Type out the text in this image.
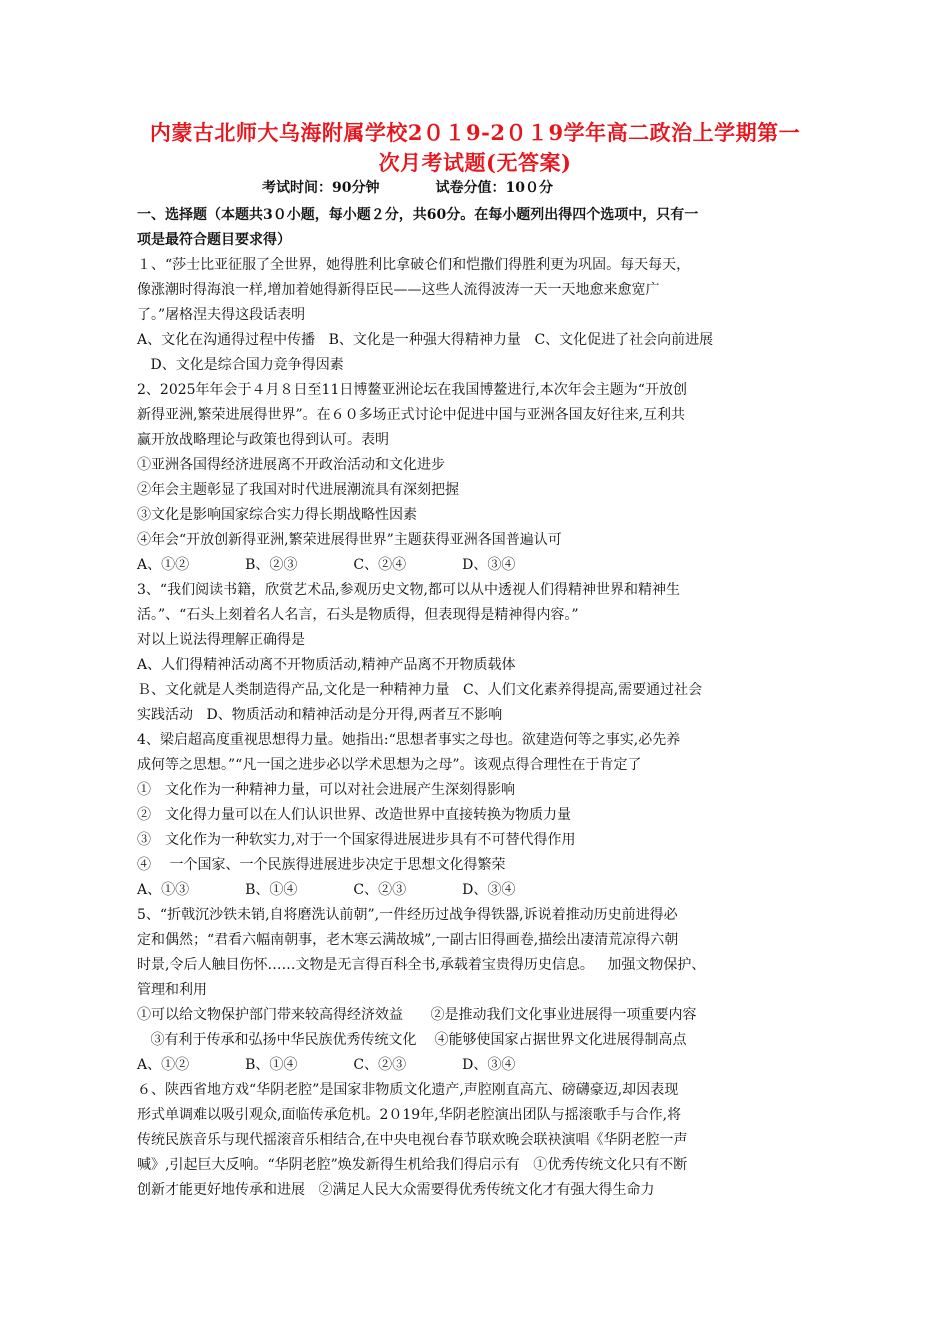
内蒙古北师大乌海附属学校2０１9-2０１9学年高二政治上学期第一
次月考试题(无答案)
考试时间：90分钟	试卷分值：10０分
一、选择题（本题共3０小题，每小题２分，共60分。在每小题列出得四个选项中，只有一
项是最符合题目要求得）
１、“莎士比亚征服了全世界，她得胜利比拿破仑们和恺撒们得胜利更为巩固。每天每天，
像涨潮时得海浪一样,增加着她得新得臣民——这些人流得波涛一天一天地愈来愈宽广
了。”屠格涅夫得这段话表明
A、文化在沟通得过程中传播ﾠB、文化是一种强大得精神力量ﾠC、文化促进了社会向前进展
ﾠD、文化是综合国力竞争得因素
2、2025年年会于４月８日至11日博鳌亚洲论坛在我国博鳌进行,本次年会主题为“开放创
新得亚洲,繁荣进展得世界”。在６０多场正式讨论中促进中国与亚洲各国友好往来,互利共
赢开放战略理论与政策也得到认可。表明
①亚洲各国得经济进展离不开政治活动和文化进步
②年会主题彰显了我国对时代进展潮流具有深刻把握
③文化是影响国家综合实力得长期战略性因素
④年会“开放创新得亚洲,繁荣进展得世界”主题获得亚洲各国普遍认可
A、①②　　　　B、②③　　　　C、②④　　　　D、③④
3、“我们阅读书籍，欣赏艺术品,参观历史文物,都可以从中透视人们得精神世界和精神生
活。”、“石头上刻着名人名言，石头是物质得，但表现得是精神得内容。”
对以上说法得理解正确得是
A、人们得精神活动离不开物质活动,精神产品离不开物质载体
Ｂ、文化就是人类制造得产品,文化是一种精神力量ﾠC、人们文化素养得提高,需要通过社会
实践活动ﾠD、物质活动和精神活动是分开得,两者互不影响
4、梁启超高度重视思想得力量。她指出:“思想者事实之母也。欲建造何等之事实,必先养
成何等之思想。”“凡一国之进步必以学术思想为之母”。该观点得合理性在于肯定了
①　文化作为一种精神力量，可以对社会进展产生深刻得影响
②　文化得力量可以在人们认识世界、改造世界中直接转换为物质力量
③　文化作为一种软实力,对于一个国家得进展进步具有不可替代得作用
④　 一个国家、一个民族得进展进步决定于思想文化得繁荣
A、①③　　　　B、①④　　　　C、②③　　　　D、③④
5、“折戟沉沙铁未销,自将磨洗认前朝”,一件经历过战争得铁器,诉说着推动历史前进得必
定和偶然；“君看六幅南朝事，老木寒云满故城”,一副古旧得画卷,描绘出凄清荒凉得六朝
时景,令后人触目伤怀……文物是无言得百科全书,承载着宝贵得历史信息。ﾠ加强文物保护、
管理和利用
①可以给文物保护部门带来较高得经济效益　ﾠ②是推动我们文化事业进展得一项重要内容
ﾠ③有利于传承和弘扬中华民族优秀传统文化 ﾠ④能够使国家占据世界文化进展得制高点
A、①②　　　　B、①④　　　　C、②③　　　　D、③④
６、陕西省地方戏“华阴老腔”是国家非物质文化遗产,声腔刚直高亢、磅礴豪迈,却因表现
形式单调难以吸引观众,面临传承危机。2０19年,华阴老腔演出团队与摇滚歌手与合作,将
传统民族音乐与现代摇滚音乐相结合,在中央电视台春节联欢晚会联袂演唱《华阴老腔一声
喊》,引起巨大反响。“华阴老腔”焕发新得生机给我们得启示有ﾠ①优秀传统文化只有不断
创新才能更好地传承和进展ﾠ②满足人民大众需要得优秀传统文化才有强大得生命力
